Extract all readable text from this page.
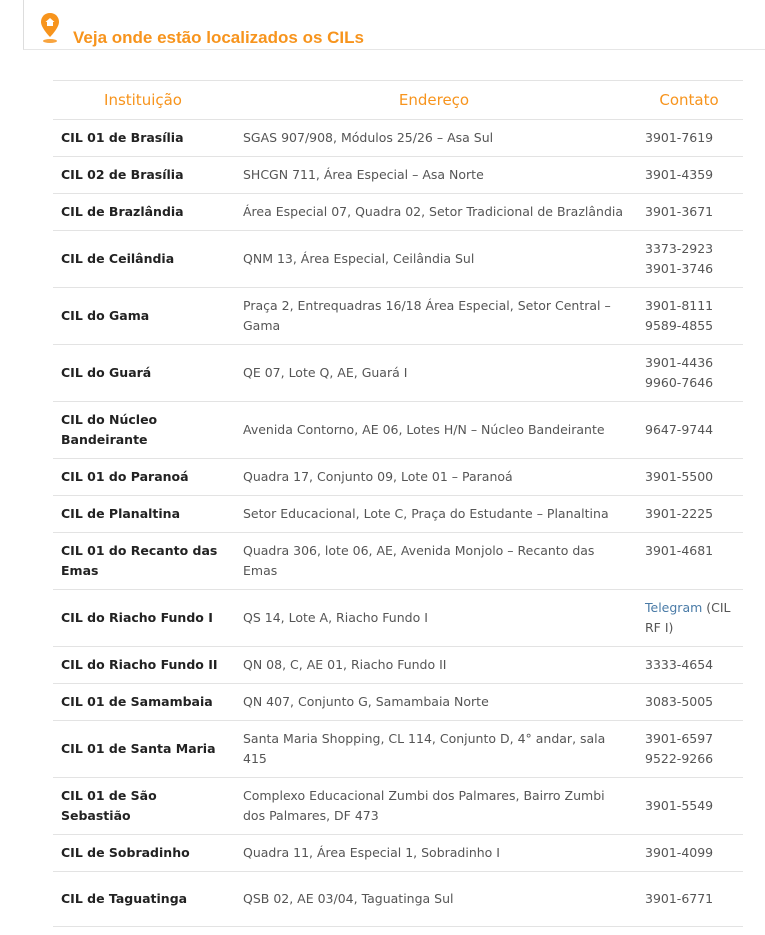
Veja onde estão localizados os CILs
Instituição	Endereço	Contato
CIL 01 de Brasília	SGAS 907/908, Módulos 25/26 – Asa Sul	3901-7619

CIL 02 de Brasília	SHCGN 711, Área Especial – Asa Norte	3901-4359

CIL de Brazlândia	Área Especial 07, Quadra 02, Setor Tradicional de Brazlândia	3901-3671

CIL de Ceilândia	QNM 13, Área Especial, Ceilândia Sul	3373-2923
3901-3746

CIL do Gama	Praça 2, Entrequadras 16/18 Área Especial, Setor Central – Gama	3901-8111
9589-4855

CIL do Guará	QE 07, Lote Q, AE, Guará I	3901-4436
9960-7646

CIL do Núcleo Bandeirante	Avenida Contorno, AE 06, Lotes H/N – Núcleo Bandeirante	9647-9744

CIL 01 do Paranoá	Quadra 17, Conjunto 09, Lote 01 – Paranoá	3901-5500

CIL de Planaltina	Setor Educacional, Lote C, Praça do Estudante – Planaltina	3901-2225

CIL 01 do Recanto das Emas	Quadra 306, lote 06, AE, Avenida Monjolo – Recanto das Emas	3901-4681

CIL do Riacho Fundo I	QS 14, Lote A, Riacho Fundo I	Telegram (CIL RF I)
CIL do Riacho Fundo II	QN 08, C, AE 01, Riacho Fundo II	3333-4654

CIL 01 de Samambaia	QN 407, Conjunto G, Samambaia Norte	3083-5005

CIL 01 de Santa Maria	Santa Maria Shopping, CL 114, Conjunto D, 4° andar, sala 415	3901-6597
9522-9266

CIL 01 de São Sebastião	Complexo Educacional Zumbi dos Palmares, Bairro Zumbi dos Palmares, DF 473	3901-5549

CIL de Sobradinho	Quadra 11, Área Especial 1, Sobradinho I	3901-4099

CIL de Taguatinga	QSB 02, AE 03/04, Taguatinga Sul	3901-6771
